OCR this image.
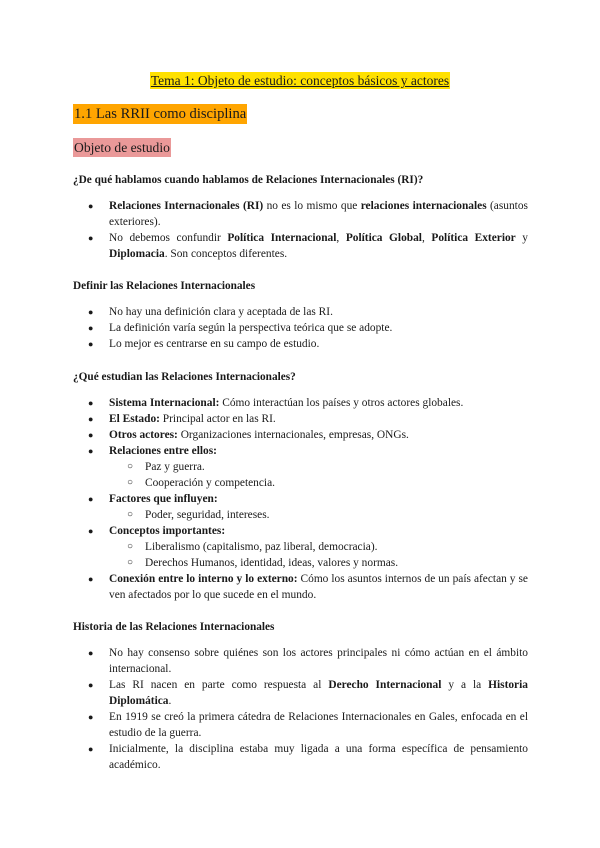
Tema 1: Objeto de estudio: conceptos básicos y actores
1.1 Las RRII como disciplina
Objeto de estudio
¿De qué hablamos cuando hablamos de Relaciones Internacionales (RI)?
● Relaciones Internacionales (RI) no es lo mismo que relaciones internacionales (asuntos exteriores).
● No debemos confundir Política Internacional, Política Global, Política Exterior y Diplomacia. Son conceptos diferentes.
Definir las Relaciones Internacionales
● No hay una definición clara y aceptada de las RI.
● La definición varía según la perspectiva teórica que se adopte.
● Lo mejor es centrarse en su campo de estudio.
¿Qué estudian las Relaciones Internacionales?
● Sistema Internacional: Cómo interactúan los países y otros actores globales.
● El Estado: Principal actor en las RI.
● Otros actores: Organizaciones internacionales, empresas, ONGs.
● Relaciones entre ellos:
○ Paz y guerra.
○ Cooperación y competencia.
● Factores que influyen:
○ Poder, seguridad, intereses.
● Conceptos importantes:
○ Liberalismo (capitalismo, paz liberal, democracia).
○ Derechos Humanos, identidad, ideas, valores y normas.
● Conexión entre lo interno y lo externo: Cómo los asuntos internos de un país afectan y se ven afectados por lo que sucede en el mundo.
Historia de las Relaciones Internacionales
● No hay consenso sobre quiénes son los actores principales ni cómo actúan en el ámbito internacional.
● Las RI nacen en parte como respuesta al Derecho Internacional y a la Historia Diplomática.
● En 1919 se creó la primera cátedra de Relaciones Internacionales en Gales, enfocada en el estudio de la guerra.
● Inicialmente, la disciplina estaba muy ligada a una forma específica de pensamiento académico.
